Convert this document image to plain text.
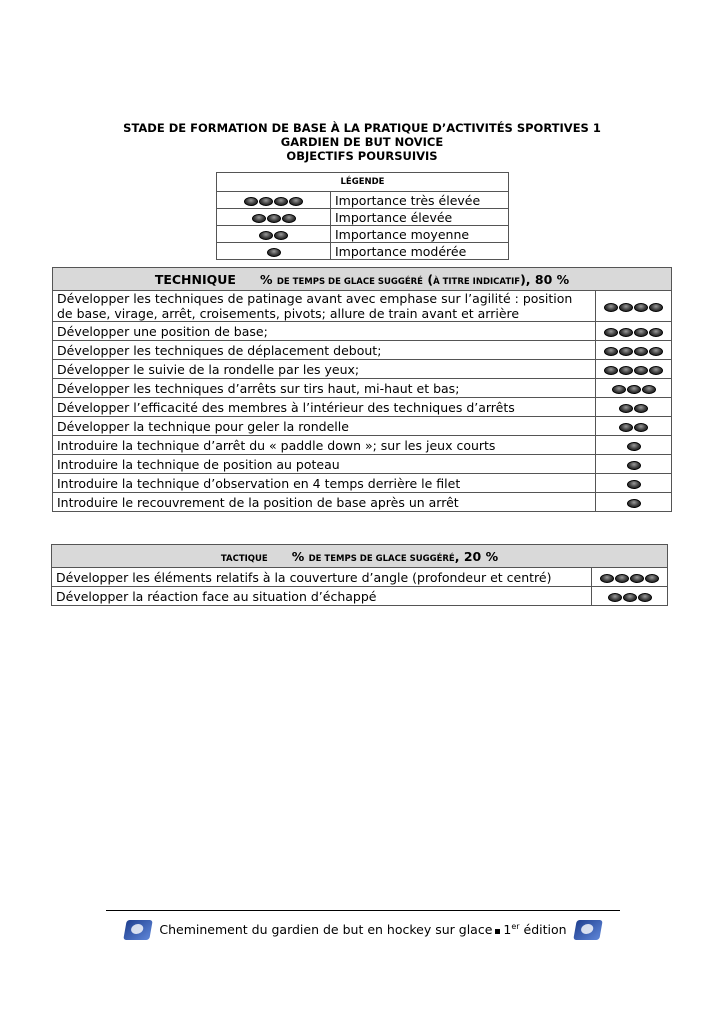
STADE DE FORMATION DE BASE À LA PRATIQUE D’ACTIVITÉS SPORTIVES 1
GARDIEN DE BUT NOVICE
OBJECTIFS POURSUIVIS
LÉGENDE	

	Importance très élevée

	Importance élevée

	Importance moyenne

	Importance modérée
TECHNIQUE % DE TEMPS DE GLACE SUGGÉRÉ (À TITRE INDICATIF), 80 %	
Développer les techniques de patinage avant avec emphase sur l’agilité : position de base, virage, arrêt, croisements, pivots; allure de train avant et arrière	

Développer une position de base;	

Développer les techniques de déplacement debout;	

Développer le suivie de la rondelle par les yeux;	

Développer les techniques d’arrêts sur tirs haut, mi-haut et bas;	

Développer l’efficacité des membres à l’intérieur des techniques d’arrêts	

Développer la technique pour geler la rondelle	

Introduire la technique d’arrêt du « paddle down »; sur les jeux courts	

Introduire la technique de position au poteau	

Introduire la technique d’observation en 4 temps derrière le filet	

Introduire le recouvrement de la position de base après un arrêt	
TACTIQUE % DE TEMPS DE GLACE SUGGÉRÉ, 20 %	
Développer les éléments relatifs à la couverture d’angle (profondeur et centré)	

Développer la réaction face au situation d’échappé	
Cheminement du gardien de but en hockey sur glace 1er édition
